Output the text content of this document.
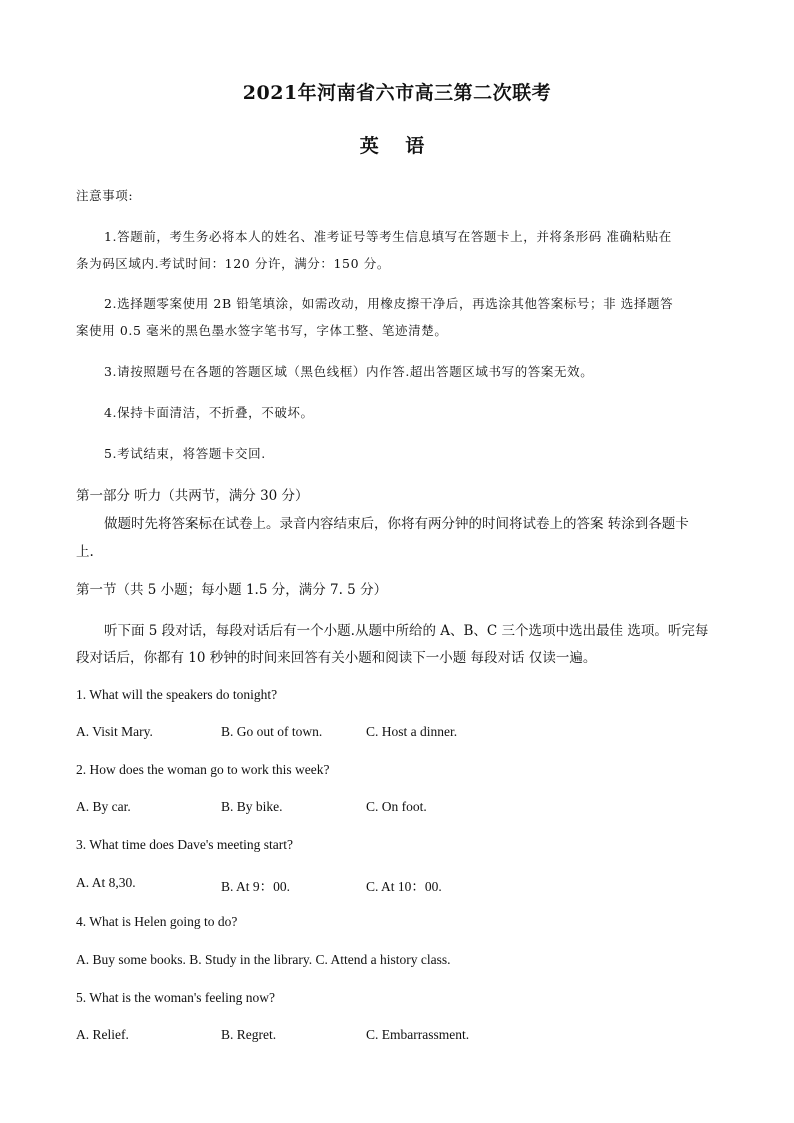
2021年河南省六市高三第二次联考
英 语
注意事项:
1.答题前，考生务必将本人的姓名、准考证号等考生信息填写在答题卡上，并将条形码 准确粘贴在
条为码区域内.考试时间：120 分许，满分：150 分。
2.选择题零案使用 2B 铅笔填涂，如需改动，用橡皮擦干净后，再选涂其他答案标号；非 选择题答
案使用 0.5 毫米的黑色墨水签字笔书写，字体工整、笔迹清楚。
3.请按照题号在各题的答题区域（黑色线框）内作答.超出答题区域书写的答案无效。
4.保持卡面清洁，不折叠，不破坏。
5.考试结束，将答题卡交回.
第一部分 听力（共两节，满分 30 分）
做题时先将答案标在试卷上。录音内容结束后，你将有两分钟的时间将试卷上的答案 转涂到各题卡
上.
第一节（共 5 小题；每小题 1.5 分，满分 7. 5 分）
听下面 5 段对话，每段对话后有一个小题.从题中所给的 A、B、C 三个选项中选出最佳 选项。听完每
段对话后，你都有 10 秒钟的时间来回答有关小题和阅读下一小题 每段对话 仅读一遍。
1. What will the speakers do tonight?
A. Visit Mary.	B. Go out of town.	C. Host a dinner.
2. How does the woman go to work this week?
A. By car.	B. By bike.	C. On foot.
3. What time does Dave's meeting start?
A. At 8,30.	B. At 9：00.	C. At 10：00.
4. What is Helen going to do?
A. Buy some books. B. Study in the library. C. Attend a history class.
5. What is the woman's feeling now?
A. Relief.	B. Regret.	C. Embarrassment.
